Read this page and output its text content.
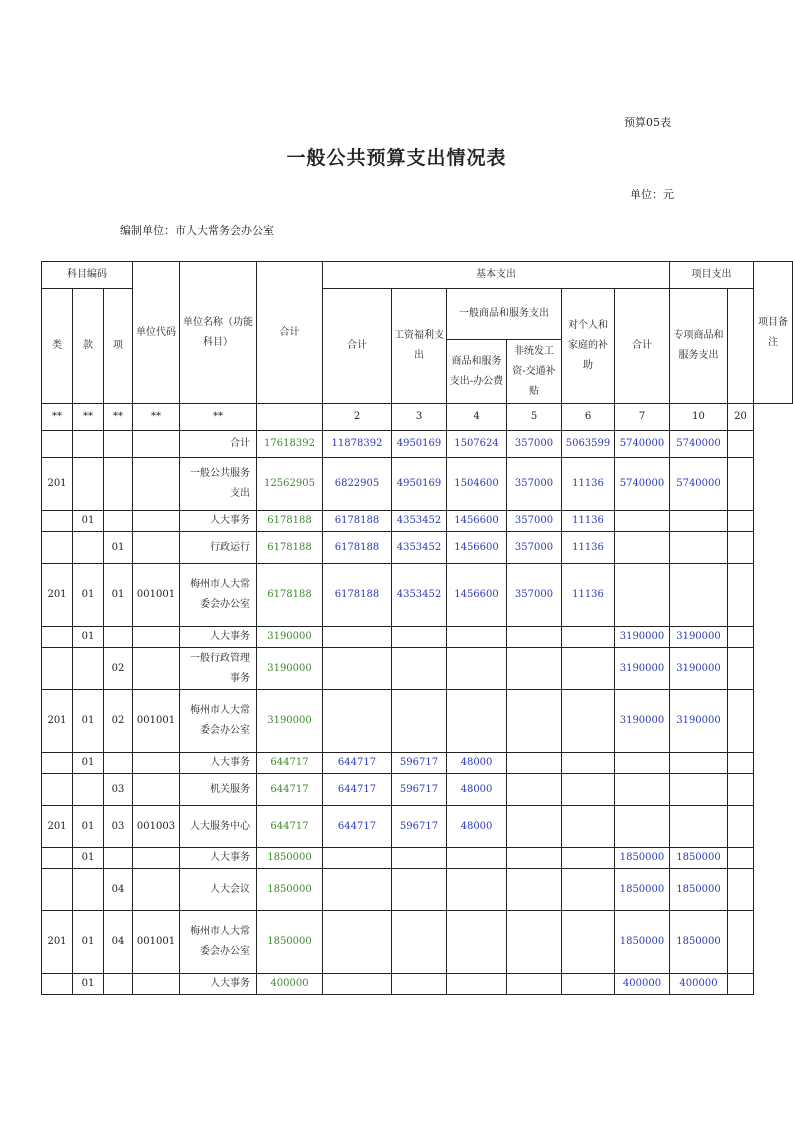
预算05表
一般公共预算支出情况表
单位：元
编制单位：市人大常务会办公室
科目编码			单位代码	单位名称（功能科目）	合计	基本支出						项目支出		项目备注
类	款	项				合计	工资福利支出	一般商品和服务支出		对个人和家庭的补助	合计	专项商品和服务支出		
								商品和服务支出-办公费	非统发工资-交通补贴					
**	**	**	**	**		2	3	4	5	6	7	10	20	
				合计	17618392	11878392	4950169	1507624	357000	5063599	5740000	5740000		
201				一般公共服务支出	12562905	6822905	4950169	1504600	357000	11136	5740000	5740000		
	01			人大事务	6178188	6178188	4353452	1456600	357000	11136				
		01		行政运行	6178188	6178188	4353452	1456600	357000	11136				
201	01	01	001001	梅州市人大常委会办公室	6178188	6178188	4353452	1456600	357000	11136				
	01			人大事务	3190000						3190000	3190000		
		02		一般行政管理事务	3190000						3190000	3190000		
201	01	02	001001	梅州市人大常委会办公室	3190000						3190000	3190000		
	01			人大事务	644717	644717	596717	48000						
		03		机关服务	644717	644717	596717	48000						
201	01	03	001003	人大服务中心	644717	644717	596717	48000						
	01			人大事务	1850000						1850000	1850000		
		04		人大会议	1850000						1850000	1850000		
201	01	04	001001	梅州市人大常委会办公室	1850000						1850000	1850000		
	01			人大事务	400000						400000	400000		
